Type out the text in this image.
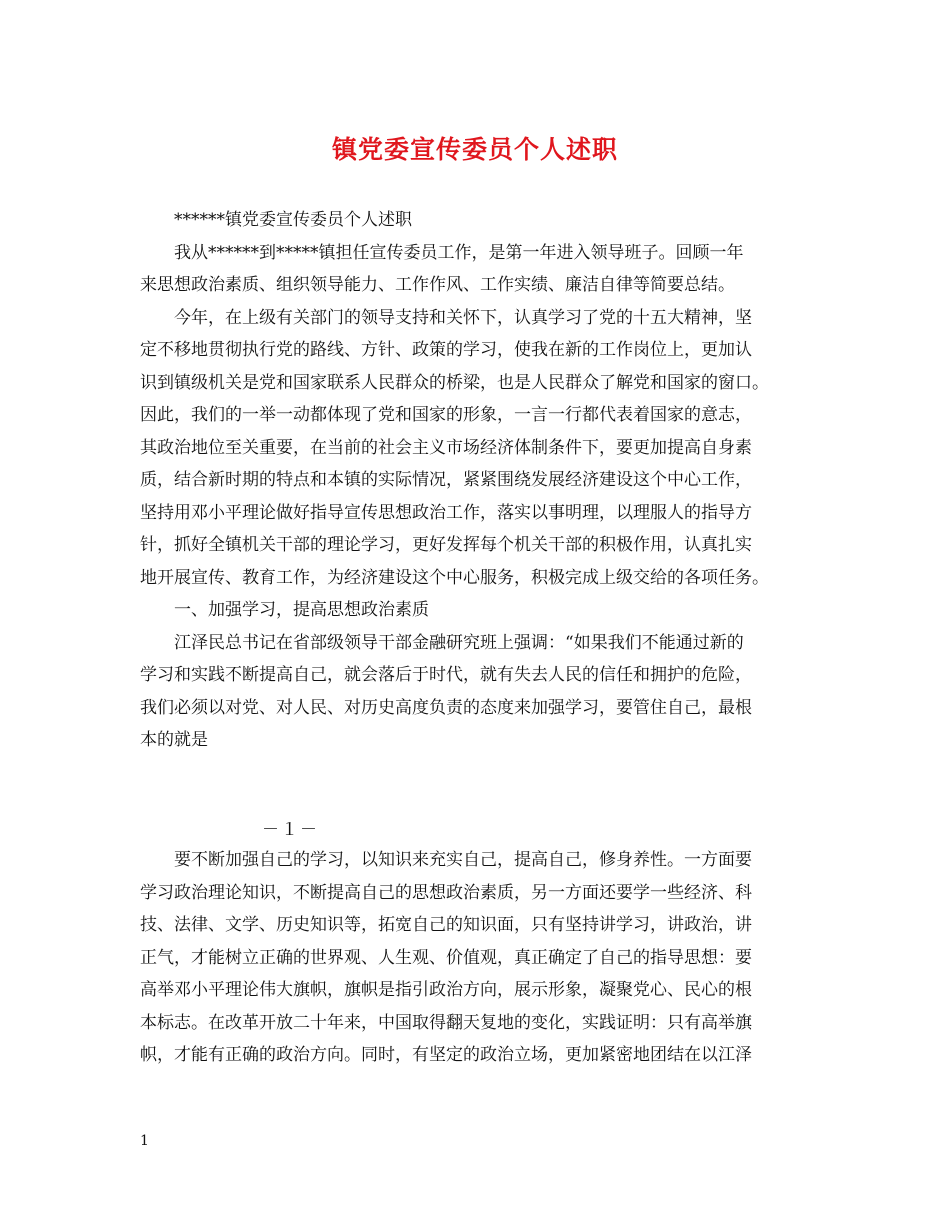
镇党委宣传委员个人述职
******镇党委宣传委员个人述职
我从******到*****镇担任宣传委员工作，是第一年进入领导班子。回顾一年
来思想政治素质、组织领导能力、工作作风、工作实绩、廉洁自律等简要总结。
今年，在上级有关部门的领导支持和关怀下，认真学习了党的十五大精神，坚
定不移地贯彻执行党的路线、方针、政策的学习，使我在新的工作岗位上，更加认
识到镇级机关是党和国家联系人民群众的桥梁，也是人民群众了解党和国家的窗口。
因此，我们的一举一动都体现了党和国家的形象，一言一行都代表着国家的意志，
其政治地位至关重要，在当前的社会主义市场经济体制条件下，要更加提高自身素
质，结合新时期的特点和本镇的实际情况，紧紧围绕发展经济建设这个中心工作，
坚持用邓小平理论做好指导宣传思想政治工作，落实以事明理，以理服人的指导方
针，抓好全镇机关干部的理论学习，更好发挥每个机关干部的积极作用，认真扎实
地开展宣传、教育工作，为经济建设这个中心服务，积极完成上级交给的各项任务。
一、加强学习，提高思想政治素质
江泽民总书记在省部级领导干部金融研究班上强调：“如果我们不能通过新的
学习和实践不断提高自己，就会落后于时代，就有失去人民的信任和拥护的危险，
我们必须以对党、对人民、对历史高度负责的态度来加强学习，要管住自己，最根
本的就是
－１－
要不断加强自己的学习，以知识来充实自己，提高自己，修身养性。一方面要
学习政治理论知识，不断提高自己的思想政治素质，另一方面还要学一些经济、科
技、法律、文学、历史知识等，拓宽自己的知识面，只有坚持讲学习，讲政治，讲
正气，才能树立正确的世界观、人生观、价值观，真正确定了自己的指导思想：要
高举邓小平理论伟大旗帜，旗帜是指引政治方向，展示形象，凝聚党心、民心的根
本标志。在改革开放二十年来，中国取得翻天复地的变化，实践证明：只有高举旗
帜，才能有正确的政治方向。同时，有坚定的政治立场，更加紧密地团结在以江泽
1
